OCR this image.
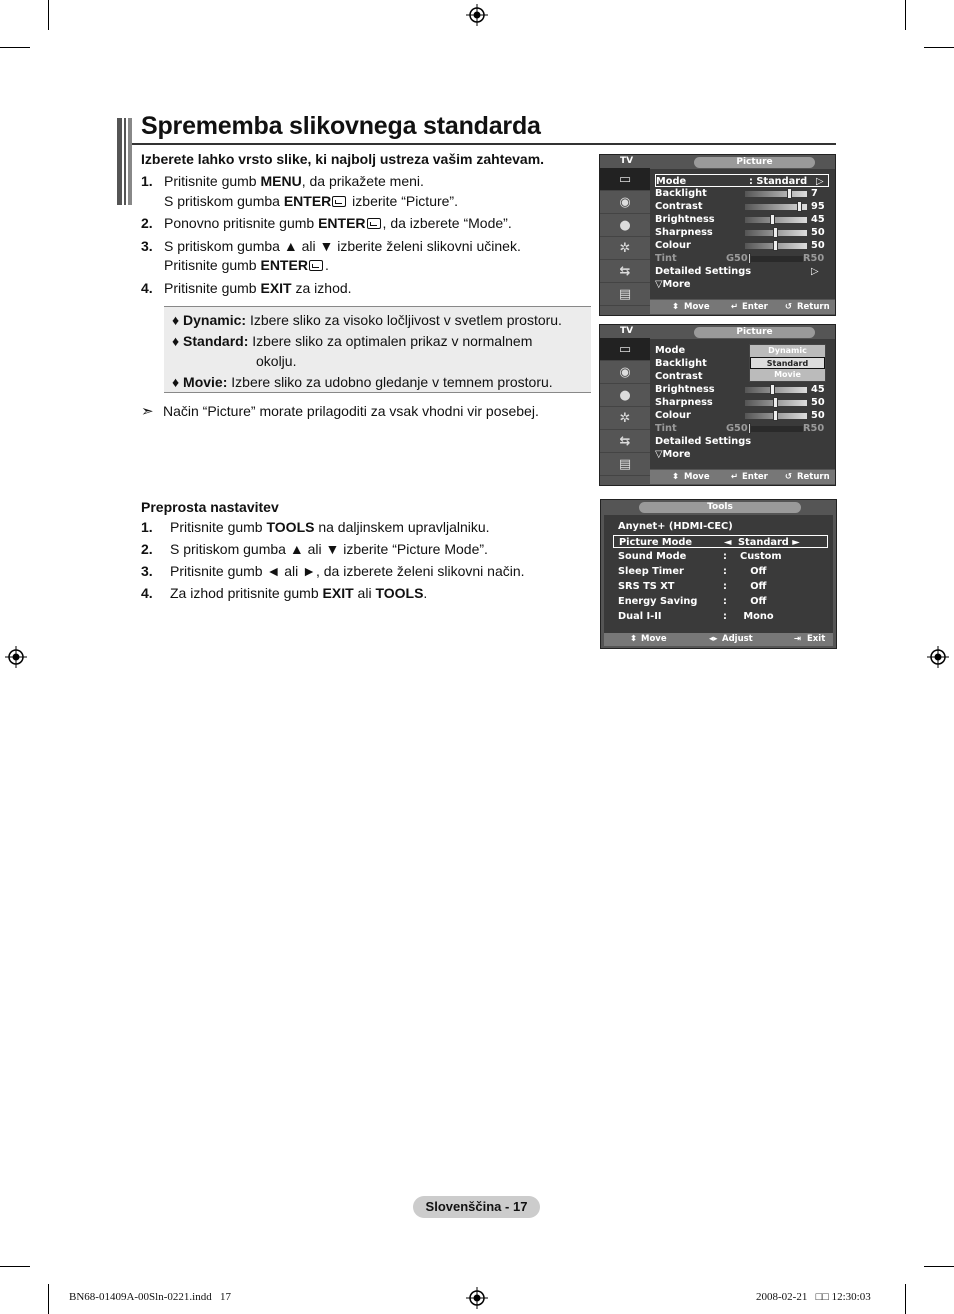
Sprememba slikovnega standarda
Izberete lahko vrsto slike, ki najbolj ustreza vašim zahtevam.
1. Pritisnite gumb MENU, da prikažete meni.
S pritiskom gumba ENTER izberite “Picture”.
2. Ponovno pritisnite gumb ENTER , da izberete “Mode”.
3. S pritiskom gumba ▲ ali ▼ izberite želeni slikovni učinek.
Pritisnite gumb ENTER .
4. Pritisnite gumb EXIT za izhod.
♦ Dynamic: Izbere sliko za visoko ločljivost v svetlem prostoru.
♦ Standard: Izbere sliko za optimalen prikaz v normalnem
okolju.
♦ Movie: Izbere sliko za udobno gledanje v temnem prostoru.
➣ Način “Picture” morate prilagoditi za vsak vhodni vir posebej.
Preprosta nastavitev
1. Pritisnite gumb TOOLS na daljinskem upravljalniku.
2. S pritiskom gumba ▲ ali ▼ izberite “Picture Mode”.
3. Pritisnite gumb ◄ ali ►, da izberete želeni slikovni način.
4. Za izhod pritisnite gumb EXIT ali TOOLS.
TV	Picture
▭
◉
●
✲
⇆
▤
Mode	: Standard ▷
Backlight	7
Contrast	95
Brightness	45
Sharpness	50
Colour	50
Tint	G50	R50
Detailed Settings	▷
▽More
⬍ Move	↵ Enter ↺ Return
TV	Picture
▭
◉
●
✲
⇆
▤
Mode
Backlight
Contrast
Brightness	45
Sharpness	50
Colour	50
Tint	G50	R50
Detailed Settings
▽More
Dynamic
Standard
Movie
⬍ Move	↵ Enter ↺ Return
Tools
Anynet+ (HDMI-CEC)
Picture Mode	◄ Standard ►
Sound Mode	: Custom
Sleep Timer	: Off
SRS TS XT	: Off
Energy Saving	: Off
Dual I-II	: Mono
⬍ Move	◂▸ Adjust	⇥ Exit
Slovenščina - 17
BN68-01409A-00Sln-0221.indd   17	2008-02-21   □□ 12:30:03
